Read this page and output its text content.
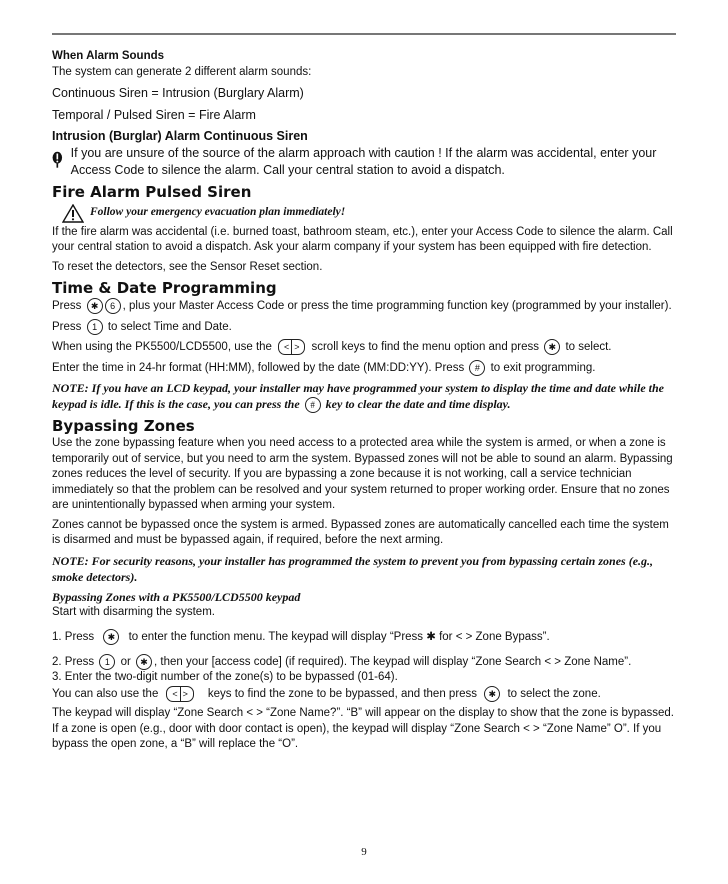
When Alarm Sounds

The system can generate 2 different alarm sounds:

Continuous Siren = Intrusion (Burglary Alarm)

Temporal / Pulsed Siren = Fire Alarm

Intrusion (Burglar) Alarm Continuous Siren

If you are unsure of the source of the alarm approach with caution ! If the alarm was accidental, enter your Access Code to silence the alarm. Call your central station to avoid a dispatch.

Fire Alarm Pulsed Siren

Follow your emergency evacuation plan immediately!

If the fire alarm was accidental (i.e. burned toast, bathroom steam, etc.), enter your Access Code to silence the alarm. Call your central station to avoid a dispatch. Ask your alarm company if your system has been equipped with fire detection.

To reset the detectors, see the Sensor Reset section.

Time & Date Programming

Press ✱ 6 , plus your Master Access Code or press the time programming function key (programmed by your installer).

Press 1 to select Time and Date.

When using the PK5500/LCD5500, use the < > scroll keys to find the menu option and press ✱ to select.

Enter the time in 24-hr format (HH:MM), followed by the date (MM:DD:YY). Press # to exit programming.

NOTE: If you have an LCD keypad, your installer may have programmed your system to display the time and date while the keypad is idle. If this is the case, you can press the # key to clear the date and time display.

Bypassing Zones

Use the zone bypassing feature when you need access to a protected area while the system is armed, or when a zone is temporarily out of service, but you need to arm the system. Bypassed zones will not be able to sound an alarm. Bypassing zones reduces the level of security. If you are bypassing a zone because it is not working, call a service technician immediately so that the problem can be resolved and your system returned to proper working order. Ensure that no zones are unintentionally bypassed when arming your system.

Zones cannot be bypassed once the system is armed. Bypassed zones are automatically cancelled each time the system is disarmed and must be bypassed again, if required, before the next arming.

NOTE: For security reasons, your installer has programmed the system to prevent you from bypassing certain zones (e.g., smoke detectors).

Bypassing Zones with a PK5500/LCD5500 keypad

Start with disarming the system.

1. Press ✱ to enter the function menu. The keypad will display “Press ✱ for < > Zone Bypass”.

2. Press 1 or ✱ , then your [access code] (if required). The keypad will display “Zone Search < > Zone Name”.

3. Enter the two-digit number of the zone(s) to be bypassed (01-64).

You can also use the < > keys to find the zone to be bypassed, and then press ✱ to select the zone.

The keypad will display “Zone Search < > “Zone Name?”. “B” will appear on the display to show that the zone is bypassed. If a zone is open (e.g., door with door contact is open), the keypad will display “Zone Search < > “Zone Name” O”. If you bypass the open zone, a “B” will replace the “O”.

9
